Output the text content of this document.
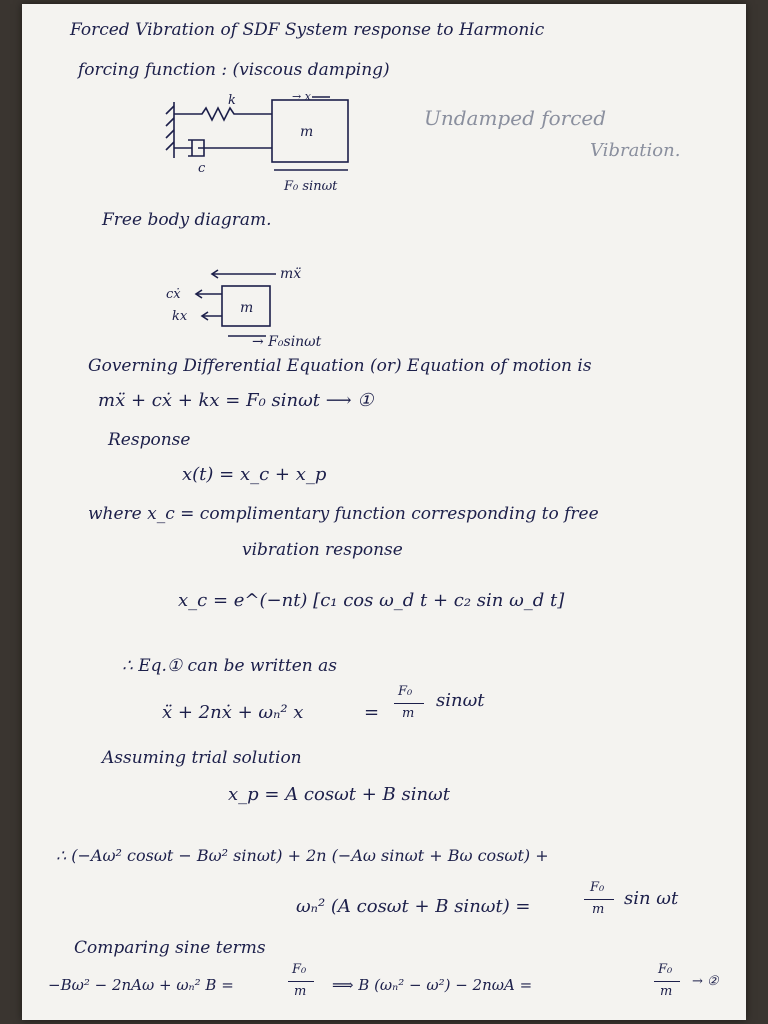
Forced Vibration of SDF System response to Harmonic
forcing function : (viscous damping)
m
k
c
→ x
F₀ sinωt
Undamped forced
Vibration.
Free body diagram.
m
mẍ
cẋ
kx
→ F₀sinωt
Governing Differential Equation (or) Equation of motion is
mẍ + cẋ + kx = F₀ sinωt ⟶ ①
Response
x(t) = x_c + x_p
where x_c = complimentary function corresponding to free
vibration response
x_c = e^(−nt) [c₁ cos ω_d t + c₂ sin ω_d t]
∴ Eq.① can be written as
ẍ + 2nẋ + ωₙ² x	=
F₀
m
sinωt
Assuming trial solution
x_p = A cosωt + B sinωt
∴ (−Aω² cosωt − Bω² sinωt) + 2n (−Aω sinωt + Bω cosωt) +
ωₙ² (A cosωt + B sinωt) =
F₀
m
sin ωt
Comparing sine terms
−Bω² − 2nAω + ωₙ² B =
F₀
m ⟹ B (ωₙ² − ω²) − 2nωA =
F₀
m
→ ②
